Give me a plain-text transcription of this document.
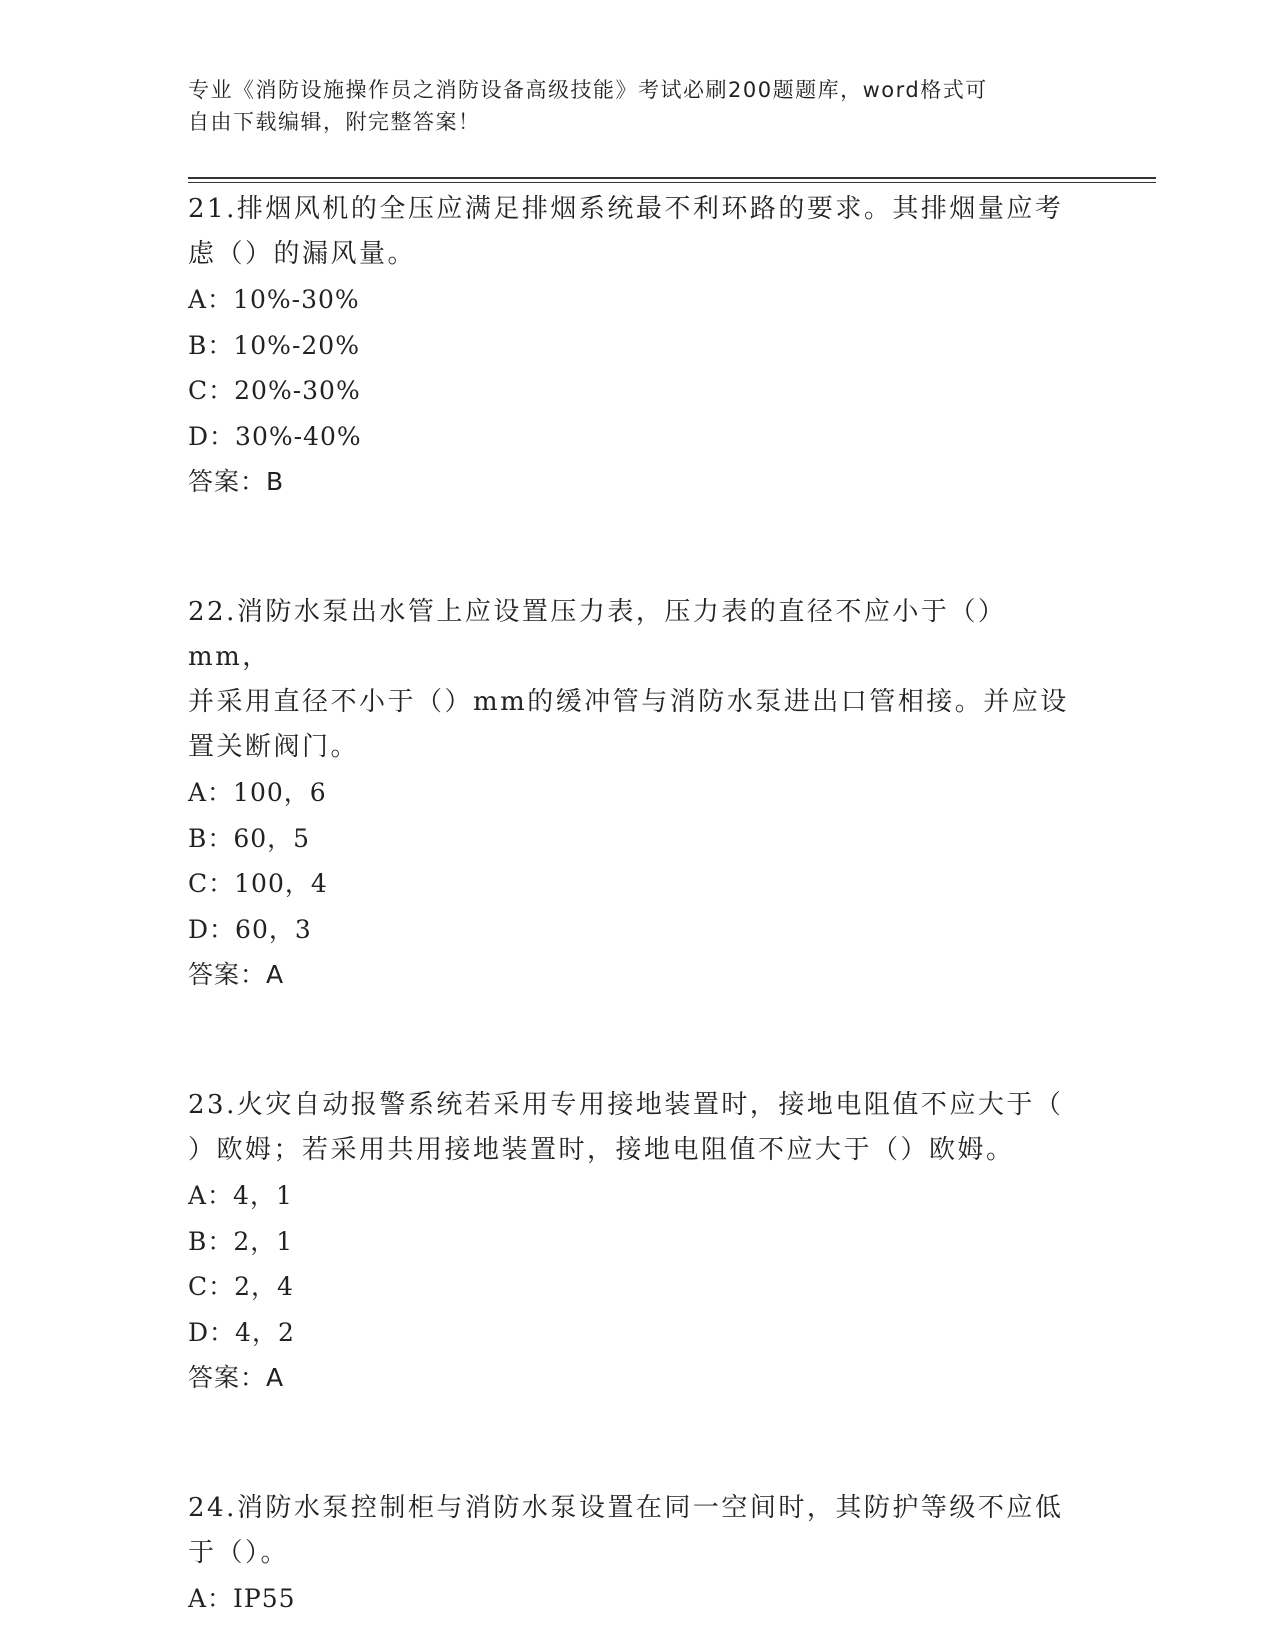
专业《消防设施操作员之消防设备高级技能》考试必刷200题题库，word格式可
自由下载编辑，附完整答案！
21.排烟风机的全压应满足排烟系统最不利环路的要求。其排烟量应考
虑（）的漏风量。
A：10%-30%
B：10%-20%
C：20%-30%
D：30%-40%
答案：B
22.消防水泵出水管上应设置压力表，压力表的直径不应小于（）mm，
并采用直径不小于（）mm的缓冲管与消防水泵进出口管相接。并应设
置关断阀门。
A：100，6
B：60，5
C：100，4
D：60，3
答案：A
23.火灾自动报警系统若采用专用接地装置时，接地电阻值不应大于（
）欧姆；若采用共用接地装置时，接地电阻值不应大于（）欧姆。
A：4，1
B：2，1
C：2，4
D：4，2
答案：A
24.消防水泵控制柜与消防水泵设置在同一空间时，其防护等级不应低
于（）。
A：IP55
